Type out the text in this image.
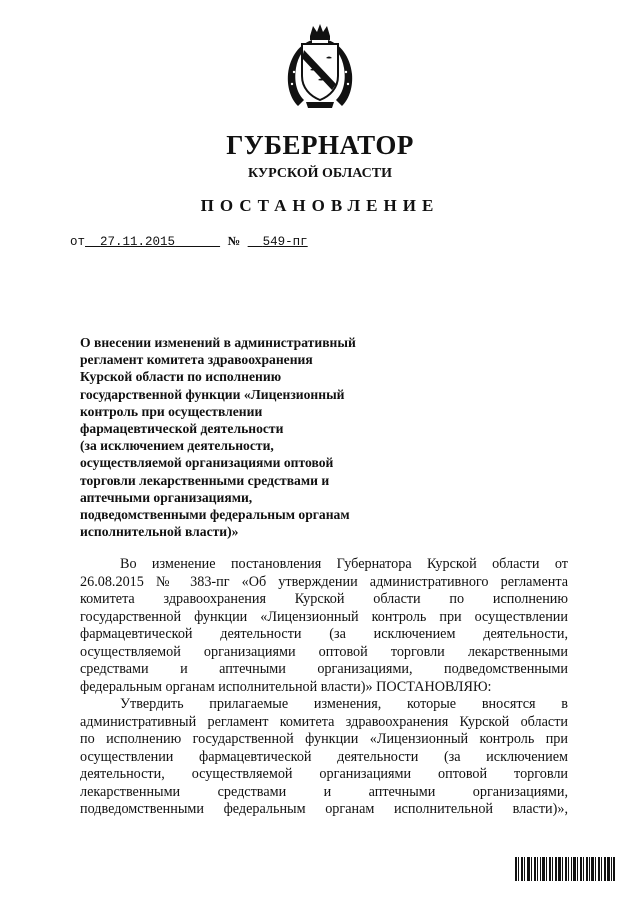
ГУБЕРНАТОР
КУРСКОЙ ОБЛАСТИ
ПОСТАНОВЛЕНИЕ
от 27.11.2015	№ 549-пг
О внесении изменений в административный
регламент комитета здравоохранения
Курской области по исполнению
государственной функции «Лицензионный
контроль при осуществлении
фармацевтической деятельности
(за исключением деятельности,
осуществляемой организациями оптовой
торговли лекарственными средствами и
аптечными организациями,
подведомственными федеральным органам
исполнительной власти)»
Во изменение постановления Губернатора Курской области от
26.08.2015 № 383-пг «Об утверждении административного регламента
комитета здравоохранения Курской области по исполнению
государственной функции «Лицензионный контроль при осуществлении
фармацевтической деятельности (за исключением деятельности,
осуществляемой организациями оптовой торговли лекарственными
средствами и аптечными организациями, подведомственными
федеральным органам исполнительной власти)» ПОСТАНОВЛЯЮ:
Утвердить прилагаемые изменения, которые вносятся в
административный регламент комитета здравоохранения Курской области
по исполнению государственной функции «Лицензионный контроль при
осуществлении фармацевтической деятельности (за исключением
деятельности, осуществляемой организациями оптовой торговли
лекарственными средствами и аптечными организациями,
подведомственными федеральным органам исполнительной власти)»,
